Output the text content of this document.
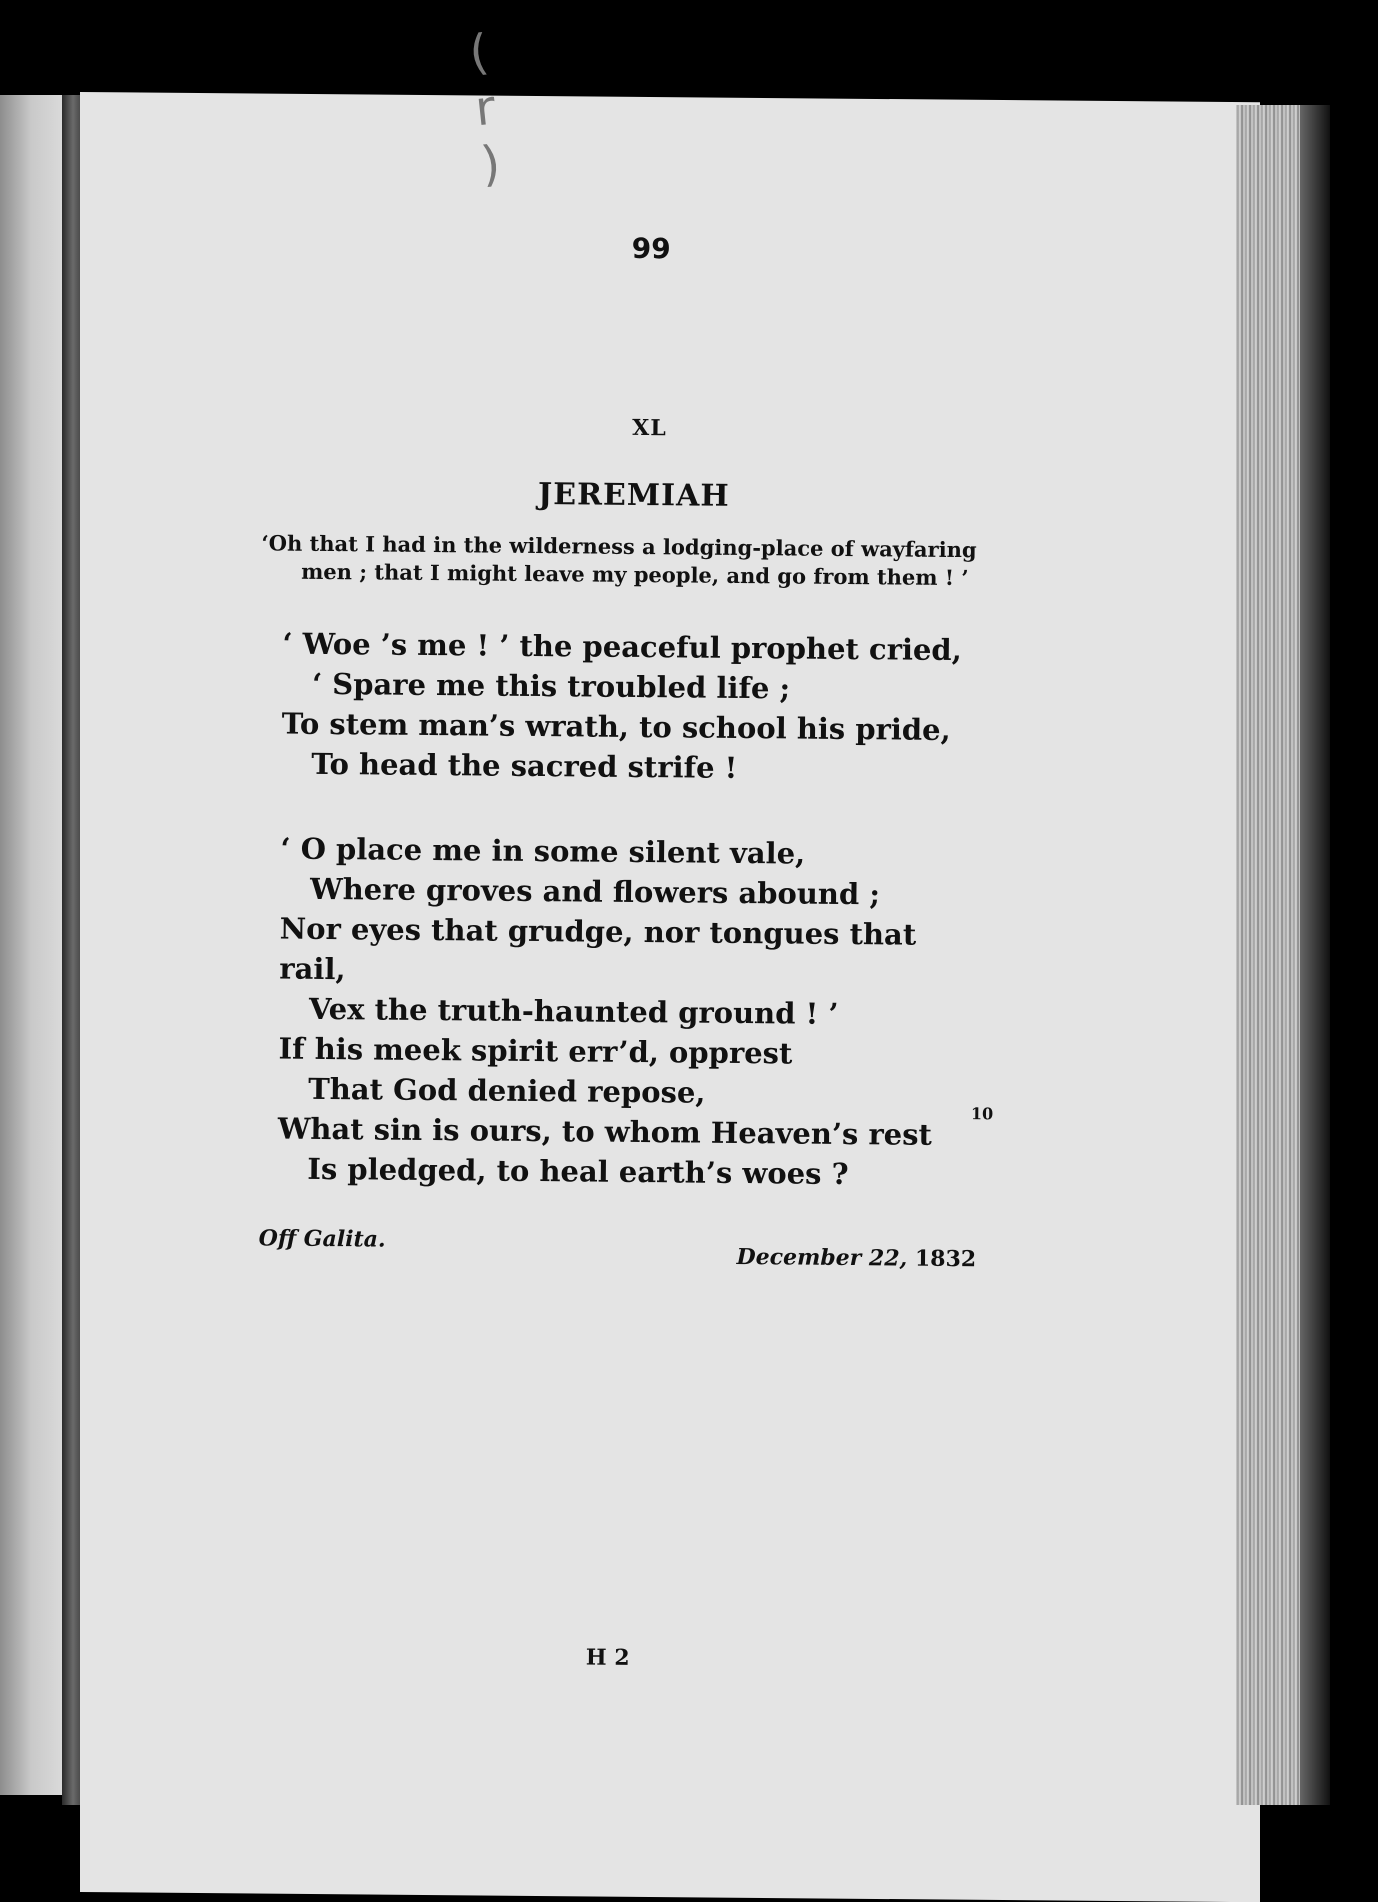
( r )
99
XL
JEREMIAH
‘Oh that I had in the wilderness a lodging-place of wayfaring
men ; that I might leave my people, and go from them ! ’
‘ Woe ’s me ! ’ the peaceful prophet cried,
‘ Spare me this troubled life ;
To stem man’s wrath, to school his pride,
To head the sacred strife !
‘ O place me in some silent vale,
Where groves and flowers abound ;
Nor eyes that grudge, nor tongues that rail,
Vex the truth-haunted ground ! ’
If his meek spirit err’d, opprest
That God denied repose,
What sin is ours, to whom Heaven’s rest
Is pledged, to heal earth’s woes ?
10
Off Galita.
December 22, 1832
H 2
